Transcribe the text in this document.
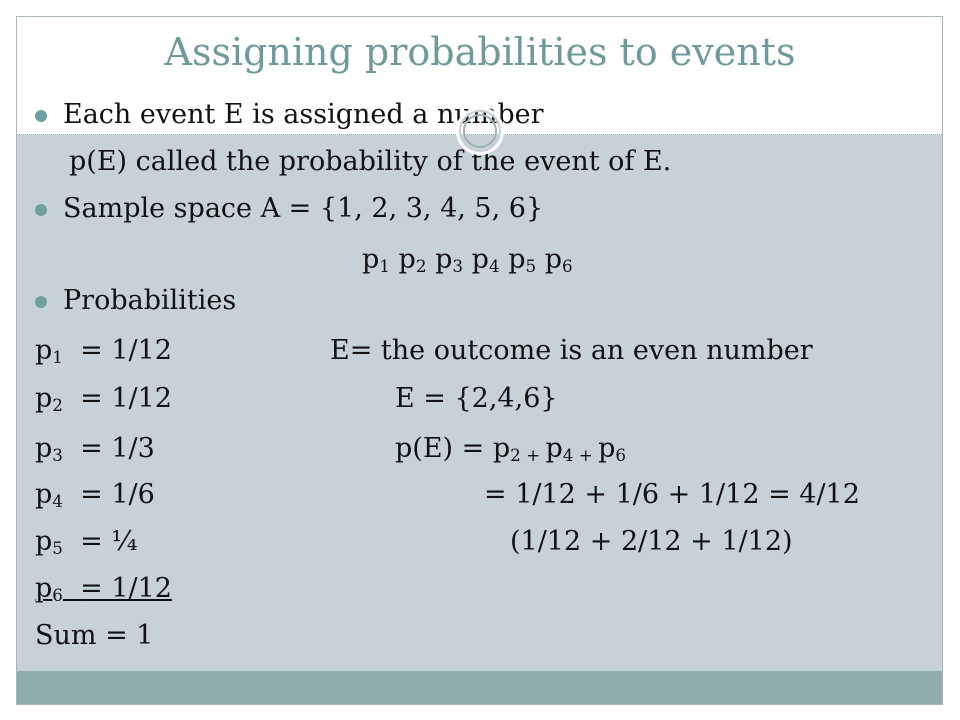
Assigning probabilities to events
Each event E is assigned a number
p(E) called the probability of the event of E.
Sample space A = {1, 2, 3, 4, 5, 6}
$p_1$ $p_2$ $p_3$ $p_4$ $p_5$ $p_6$
Probabilities
$p_1 = 1/12$
$p_2 = 1/12$
$p_3 = 1/3$
$p_4 = 1/6$
$p_5$ = ¼
$p_6 = 1/12$
Sum = 1
E= the outcome is an even number
E = {2,4,6}
$p(E) = p_2$ $_+$ $p_4$ $_+$ $p_6$
= 1/12 + 1/6 + 1/12 = 4/12
(1/12 + 2/12 + 1/12)
